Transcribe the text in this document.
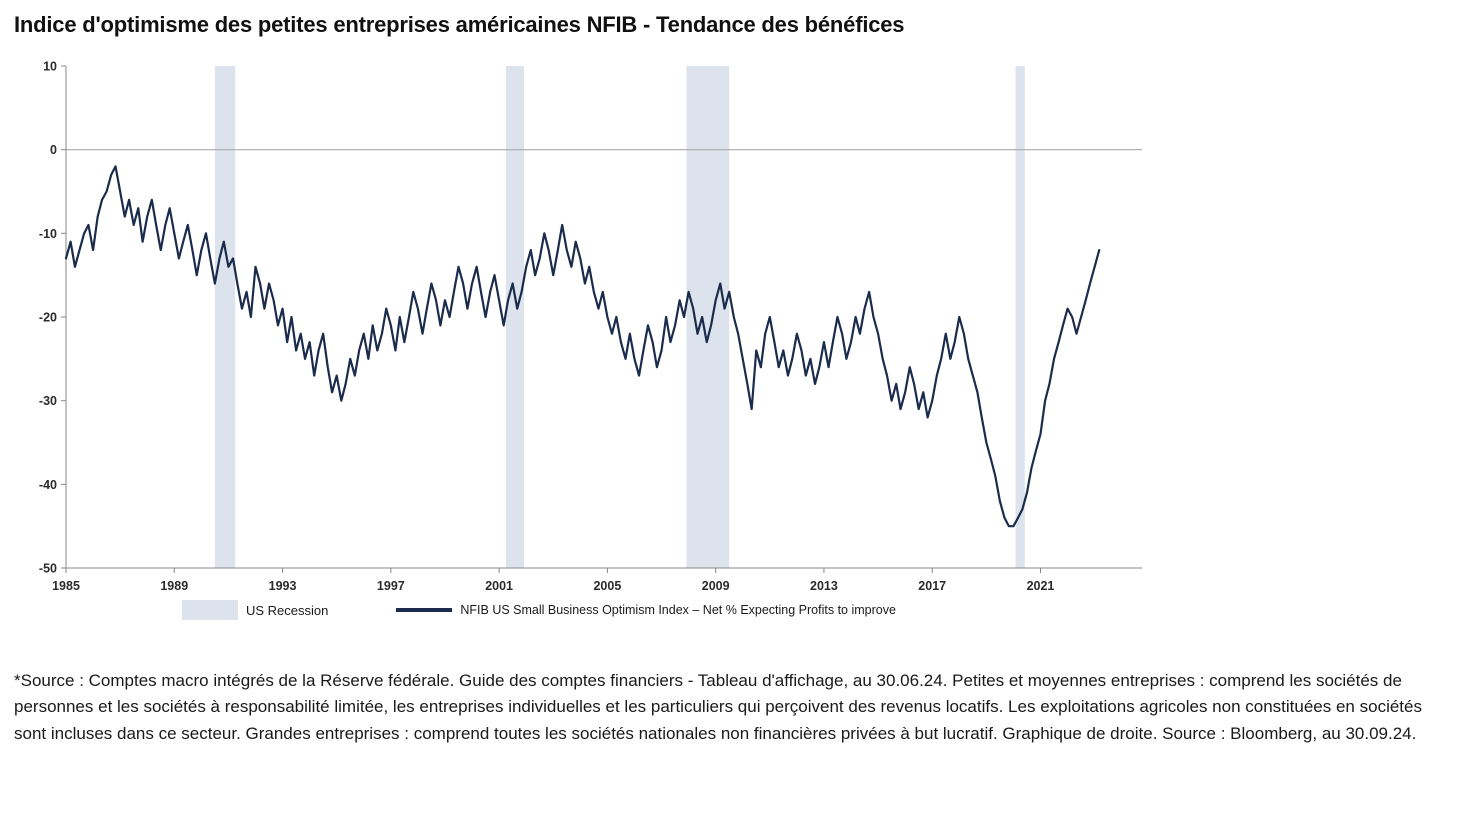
Indice d'optimisme des petites entreprises américaines NFIB - Tendance des bénéfices
10
0
-10
-20
-30
-40
-50
1985	1989	1993	1997	2001	2005	2009	2013	2017	2021
US Recession	NFIB US Small Business Optimism Index – Net % Expecting Profits to improve
*Source : Comptes macro intégrés de la Réserve fédérale. Guide des comptes financiers - Tableau d'affichage, au 30.06.24. Petites et moyennes entreprises : comprend les sociétés de personnes et les sociétés à responsabilité limitée, les entreprises individuelles et les particuliers qui perçoivent des revenus locatifs. Les exploitations agricoles non constituées en sociétés sont incluses dans ce secteur. Grandes entreprises : comprend toutes les sociétés nationales non financières privées à but lucratif. Graphique de droite. Source : Bloomberg, au 30.09.24.
